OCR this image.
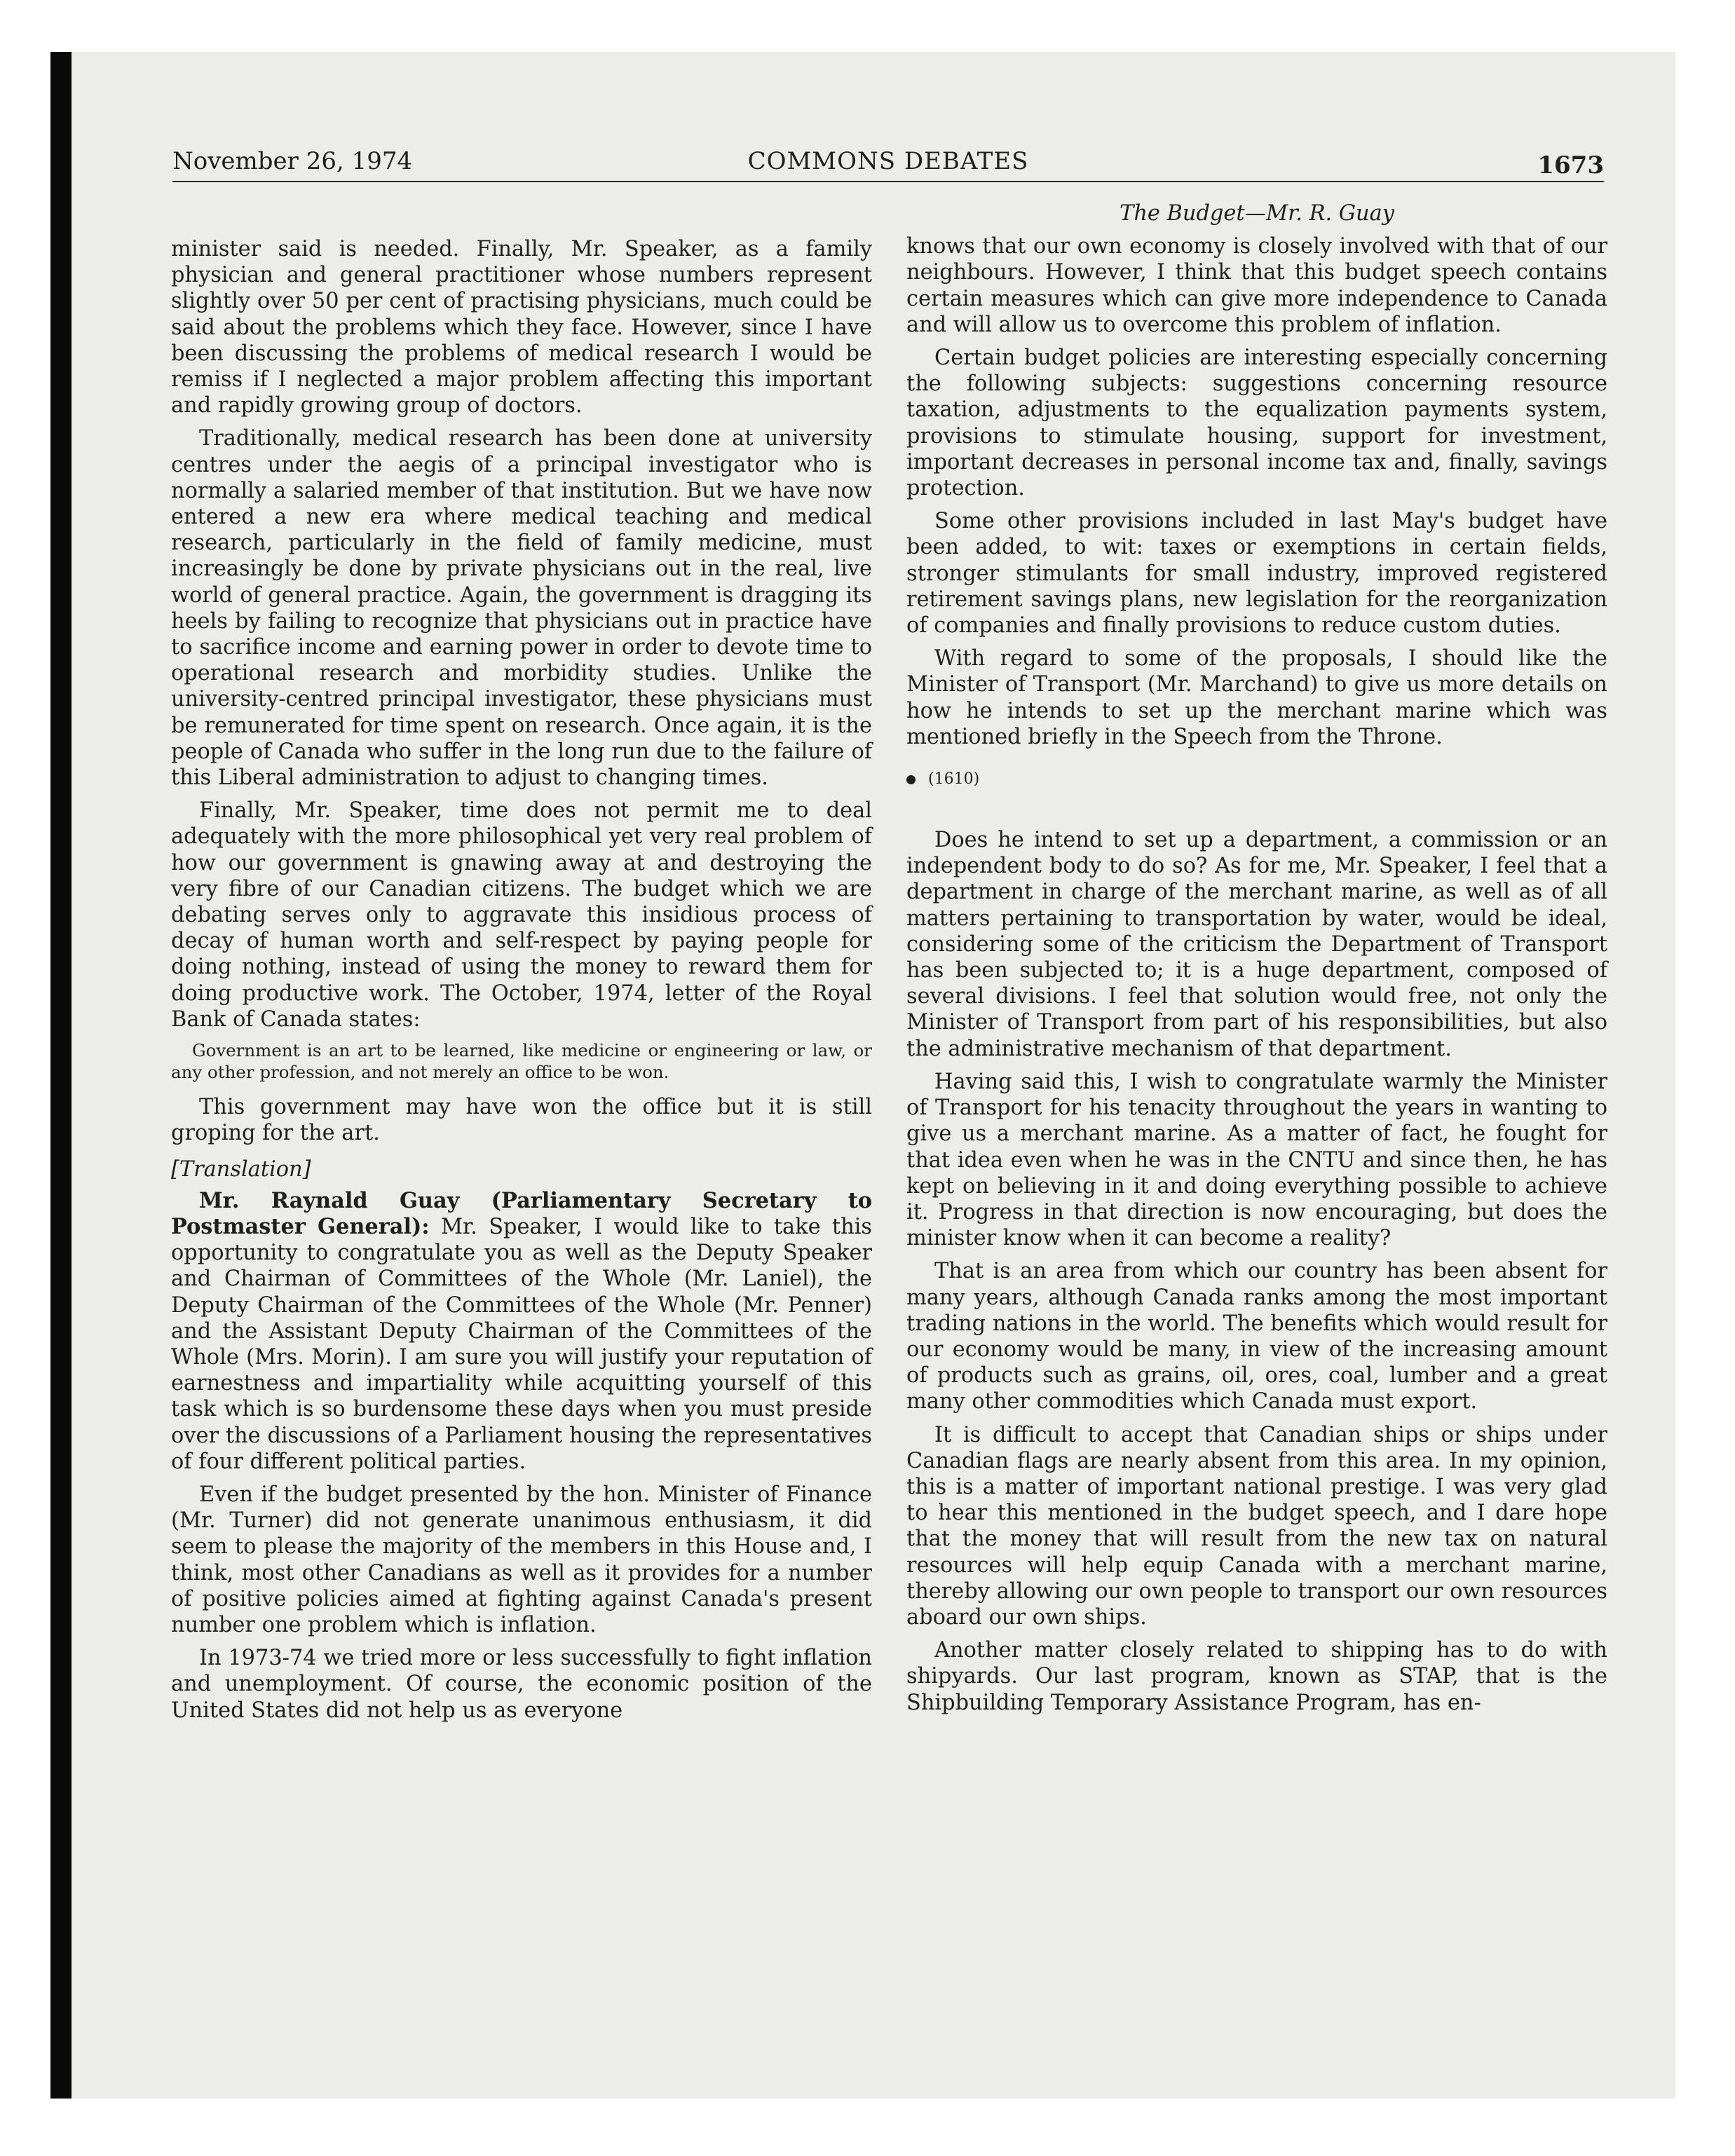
November 26, 1974	COMMONS DEBATES	1673

minister said is needed. Finally, Mr. Speaker, as a family physician and general practitioner whose numbers represent slightly over 50 per cent of practising physicians, much could be said about the problems which they face. However, since I have been discussing the problems of medical research I would be remiss if I neglected a major problem affecting this important and rapidly growing group of doctors.

Traditionally, medical research has been done at university centres under the aegis of a principal investigator who is normally a salaried member of that institution. But we have now entered a new era where medical teaching and medical research, particularly in the field of family medicine, must increasingly be done by private physicians out in the real, live world of general practice. Again, the government is dragging its heels by failing to recognize that physicians out in practice have to sacrifice income and earning power in order to devote time to operational research and morbidity studies. Unlike the university-centred principal investigator, these physicians must be remunerated for time spent on research. Once again, it is the people of Canada who suffer in the long run due to the failure of this Liberal administration to adjust to changing times.

Finally, Mr. Speaker, time does not permit me to deal adequately with the more philosophical yet very real problem of how our government is gnawing away at and destroying the very fibre of our Canadian citizens. The budget which we are debating serves only to aggravate this insidious process of decay of human worth and self-respect by paying people for doing nothing, instead of using the money to reward them for doing productive work. The October, 1974, letter of the Royal Bank of Canada states:

Government is an art to be learned, like medicine or engineering or law, or any other profession, and not merely an office to be won.

This government may have won the office but it is still groping for the art.

[Translation]

Mr. Raynald Guay (Parliamentary Secretary to Postmaster General): Mr. Speaker, I would like to take this opportunity to congratulate you as well as the Deputy Speaker and Chairman of Committees of the Whole (Mr. Laniel), the Deputy Chairman of the Committees of the Whole (Mr. Penner) and the Assistant Deputy Chairman of the Committees of the Whole (Mrs. Morin). I am sure you will justify your reputation of earnestness and impartiality while acquitting yourself of this task which is so burdensome these days when you must preside over the discussions of a Parliament housing the representatives of four different political parties.

Even if the budget presented by the hon. Minister of Finance (Mr. Turner) did not generate unanimous enthusiasm, it did seem to please the majority of the members in this House and, I think, most other Canadians as well as it provides for a number of positive policies aimed at fighting against Canada's present number one problem which is inflation.

In 1973-74 we tried more or less successfully to fight inflation and unemployment. Of course, the economic position of the United States did not help us as everyone

The Budget—Mr. R. Guay

knows that our own economy is closely involved with that of our neighbours. However, I think that this budget speech contains certain measures which can give more independence to Canada and will allow us to overcome this problem of inflation.

Certain budget policies are interesting especially concerning the following subjects: suggestions concerning resource taxation, adjustments to the equalization payments system, provisions to stimulate housing, support for investment, important decreases in personal income tax and, finally, savings protection.

Some other provisions included in last May's budget have been added, to wit: taxes or exemptions in certain fields, stronger stimulants for small industry, improved registered retirement savings plans, new legislation for the reorganization of companies and finally provisions to reduce custom duties.

With regard to some of the proposals, I should like the Minister of Transport (Mr. Marchand) to give us more details on how he intends to set up the merchant marine which was mentioned briefly in the Speech from the Throne.

(1610)

Does he intend to set up a department, a commission or an independent body to do so? As for me, Mr. Speaker, I feel that a department in charge of the merchant marine, as well as of all matters pertaining to transportation by water, would be ideal, considering some of the criticism the Department of Transport has been subjected to; it is a huge department, composed of several divisions. I feel that solution would free, not only the Minister of Transport from part of his responsibilities, but also the administrative mechanism of that department.

Having said this, I wish to congratulate warmly the Minister of Transport for his tenacity throughout the years in wanting to give us a merchant marine. As a matter of fact, he fought for that idea even when he was in the CNTU and since then, he has kept on believing in it and doing everything possible to achieve it. Progress in that direction is now encouraging, but does the minister know when it can become a reality?

That is an area from which our country has been absent for many years, although Canada ranks among the most important trading nations in the world. The benefits which would result for our economy would be many, in view of the increasing amount of products such as grains, oil, ores, coal, lumber and a great many other commodities which Canada must export.

It is difficult to accept that Canadian ships or ships under Canadian flags are nearly absent from this area. In my opinion, this is a matter of important national prestige. I was very glad to hear this mentioned in the budget speech, and I dare hope that the money that will result from the new tax on natural resources will help equip Canada with a merchant marine, thereby allowing our own people to transport our own resources aboard our own ships.

Another matter closely related to shipping has to do with shipyards. Our last program, known as STAP, that is the Shipbuilding Temporary Assistance Program, has en-
